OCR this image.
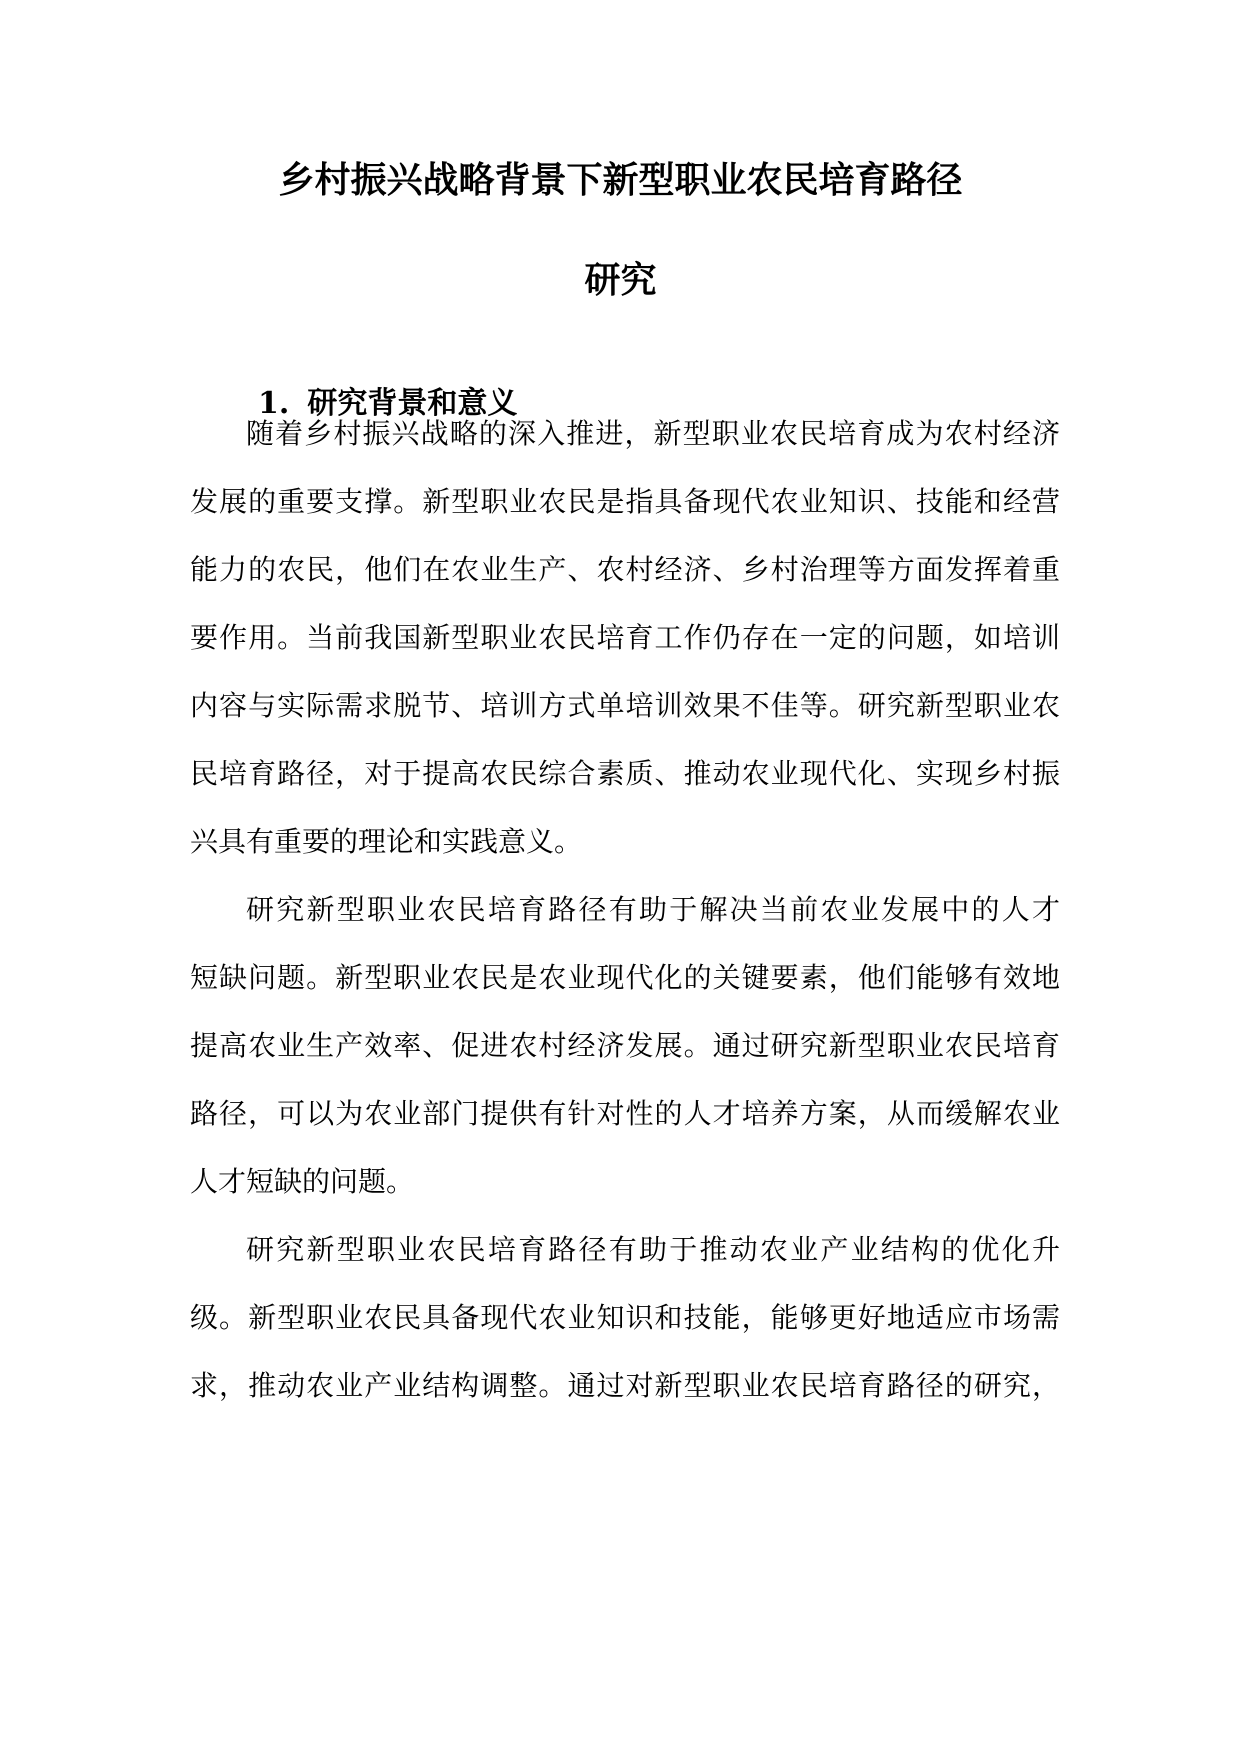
乡村振兴战略背景下新型职业农民培育路径
研究
1. 研究背景和意义

随着乡村振兴战略的深入推进，新型职业农民培育成为农村经济

发展的重要支撑。新型职业农民是指具备现代农业知识、技能和经营

能力的农民，他们在农业生产、农村经济、乡村治理等方面发挥着重

要作用。当前我国新型职业农民培育工作仍存在一定的问题，如培训

内容与实际需求脱节、培训方式单培训效果不佳等。研究新型职业农

民培育路径，对于提高农民综合素质、推动农业现代化、实现乡村振

兴具有重要的理论和实践意义。

研究新型职业农民培育路径有助于解决当前农业发展中的人才

短缺问题。新型职业农民是农业现代化的关键要素，他们能够有效地

提高农业生产效率、促进农村经济发展。通过研究新型职业农民培育

路径，可以为农业部门提供有针对性的人才培养方案，从而缓解农业

人才短缺的问题。

研究新型职业农民培育路径有助于推动农业产业结构的优化升

级。新型职业农民具备现代农业知识和技能，能够更好地适应市场需

求，推动农业产业结构调整。通过对新型职业农民培育路径的研究，
